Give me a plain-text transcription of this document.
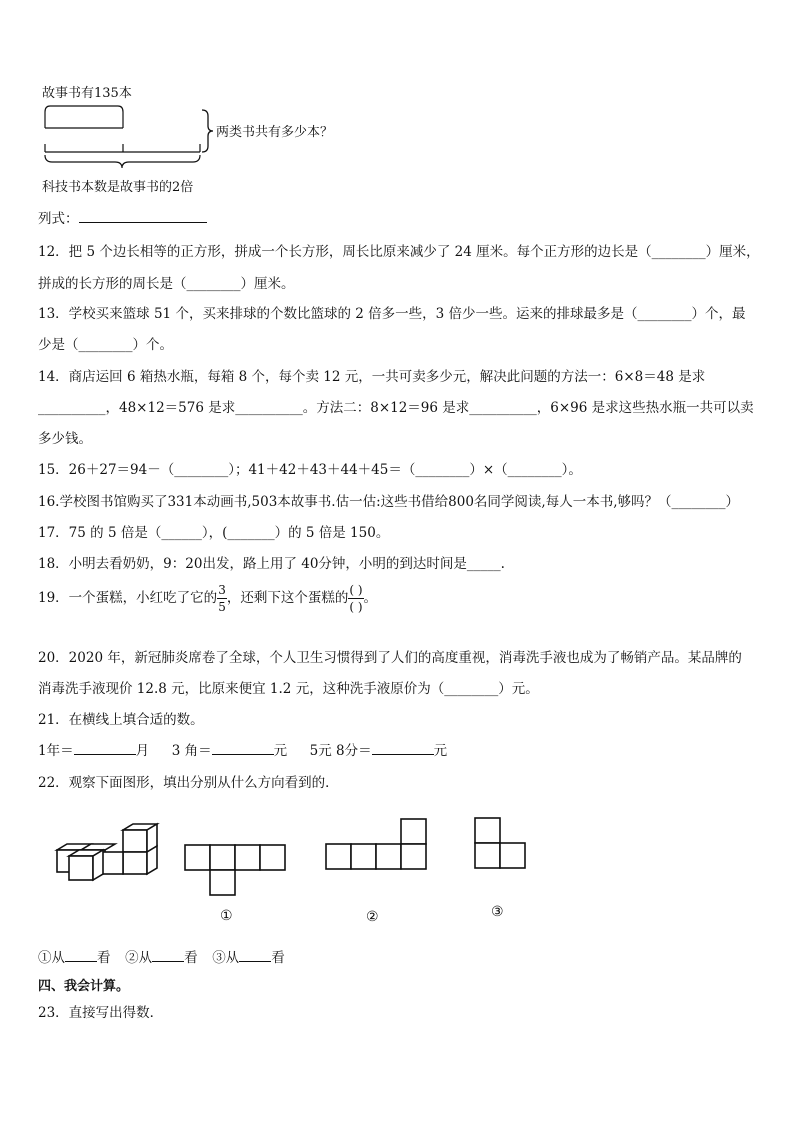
故事书有135本
两类书共有多少本？
科技书本数是故事书的2倍
列式：
12．把 5 个边长相等的正方形，拼成一个长方形，周长比原来减少了 24 厘米。每个正方形的边长是（________）厘米，
拼成的长方形的周长是（________）厘米。
13．学校买来篮球 51 个，买来排球的个数比篮球的 2 倍多一些，3 倍少一些。运来的排球最多是（________）个，最
少是（________）个。
14．商店运回 6 箱热水瓶，每箱 8 个，每个卖 12 元，一共可卖多少元，解决此问题的方法一：6×8＝48 是求
__________，48×12＝576 是求__________。方法二：8×12＝96 是求__________，6×96 是求这些热水瓶一共可以卖
多少钱。
15．26＋27＝94－（________）；41＋42＋43＋44＋45＝（________）×（________）。
16.学校图书馆购买了331本动画书,503本故事书.估一估:这些书借给800名同学阅读,每人一本书,够吗？（________）
17．75 的 5 倍是（______），(_______）的 5 倍是 150。
18．小明去看奶奶，9：20出发，路上用了 40分钟，小明的到达时间是_____.
19．一个蛋糕，小红吃了它的 $\frac{3}{5}$ ，还剩下这个蛋糕的 $\frac{( )}{( )}$ 。
20．2020 年，新冠肺炎席卷了全球，个人卫生习惯得到了人们的高度重视，消毒洗手液也成为了畅销产品。某品牌的
消毒洗手液现价 12.8 元，比原来便宜 1.2 元，这种洗手液原价为（________）元。
21．在横线上填合适的数。
1年＝	月 3 角＝	元 5元 8分＝	元
22．观察下面图形，填出分别从什么方向看到的．
①	②	③
①从 看 ②从 看 ③从 看
四、我会计算。
23．直接写出得数．
